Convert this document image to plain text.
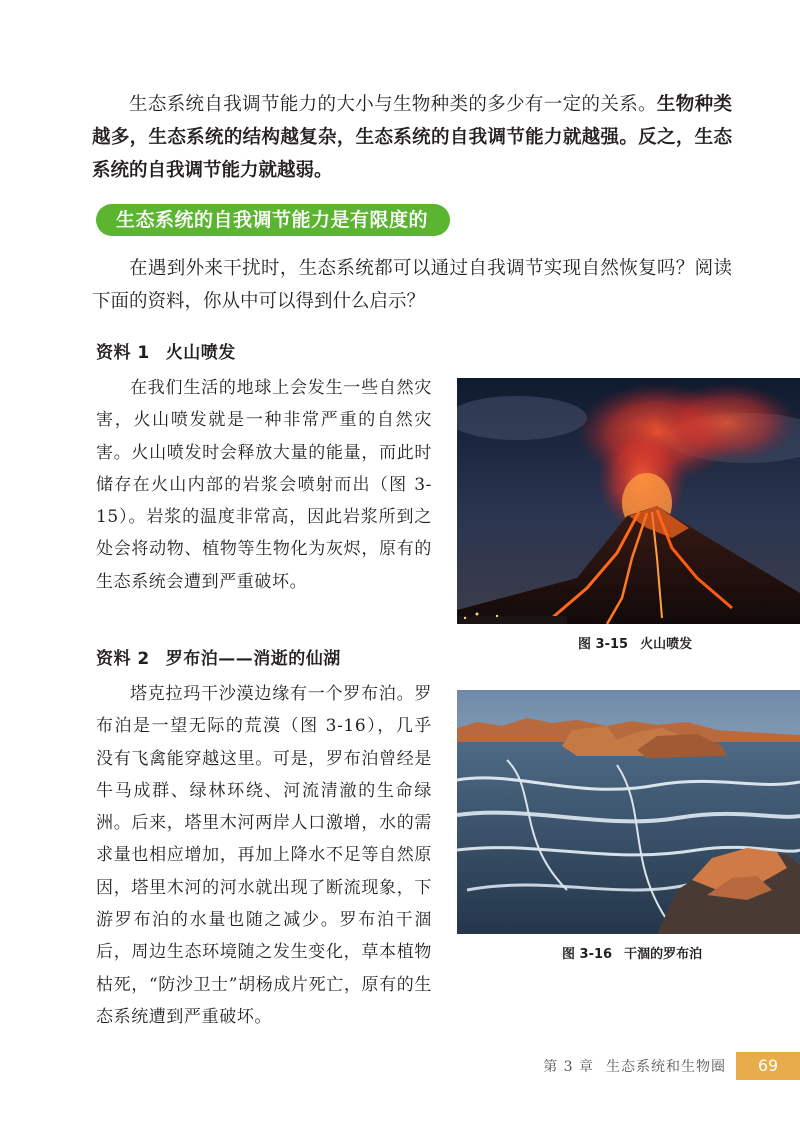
生态系统自我调节能力的大小与生物种类的多少有一定的关系。生物种类越多，生态系统的结构越复杂，生态系统的自我调节能力就越强。反之，生态系统的自我调节能力就越弱。

生态系统的自我调节能力是有限度的

在遇到外来干扰时，生态系统都可以通过自我调节实现自然恢复吗？阅读下面的资料，你从中可以得到什么启示？

资料 1 火山喷发

在我们生活的地球上会发生一些自然灾害，火山喷发就是一种非常严重的自然灾害。火山喷发时会释放大量的能量，而此时储存在火山内部的岩浆会喷射而出（图 3-15）。岩浆的温度非常高，因此岩浆所到之处会将动物、植物等生物化为灰烬，原有的生态系统会遭到严重破坏。

图 3-15 火山喷发

资料 2 罗布泊——消逝的仙湖

塔克拉玛干沙漠边缘有一个罗布泊。罗布泊是一望无际的荒漠（图 3-16），几乎没有飞禽能穿越这里。可是，罗布泊曾经是牛马成群、绿林环绕、河流清澈的生命绿洲。后来，塔里木河两岸人口激增，水的需求量也相应增加，再加上降水不足等自然原因，塔里木河的河水就出现了断流现象，下游罗布泊的水量也随之减少。罗布泊干涸后，周边生态环境随之发生变化，草本植物枯死，“防沙卫士”胡杨成片死亡，原有的生态系统遭到严重破坏。

图 3-16 干涸的罗布泊
第 3 章 生态系统和生物圈	69
